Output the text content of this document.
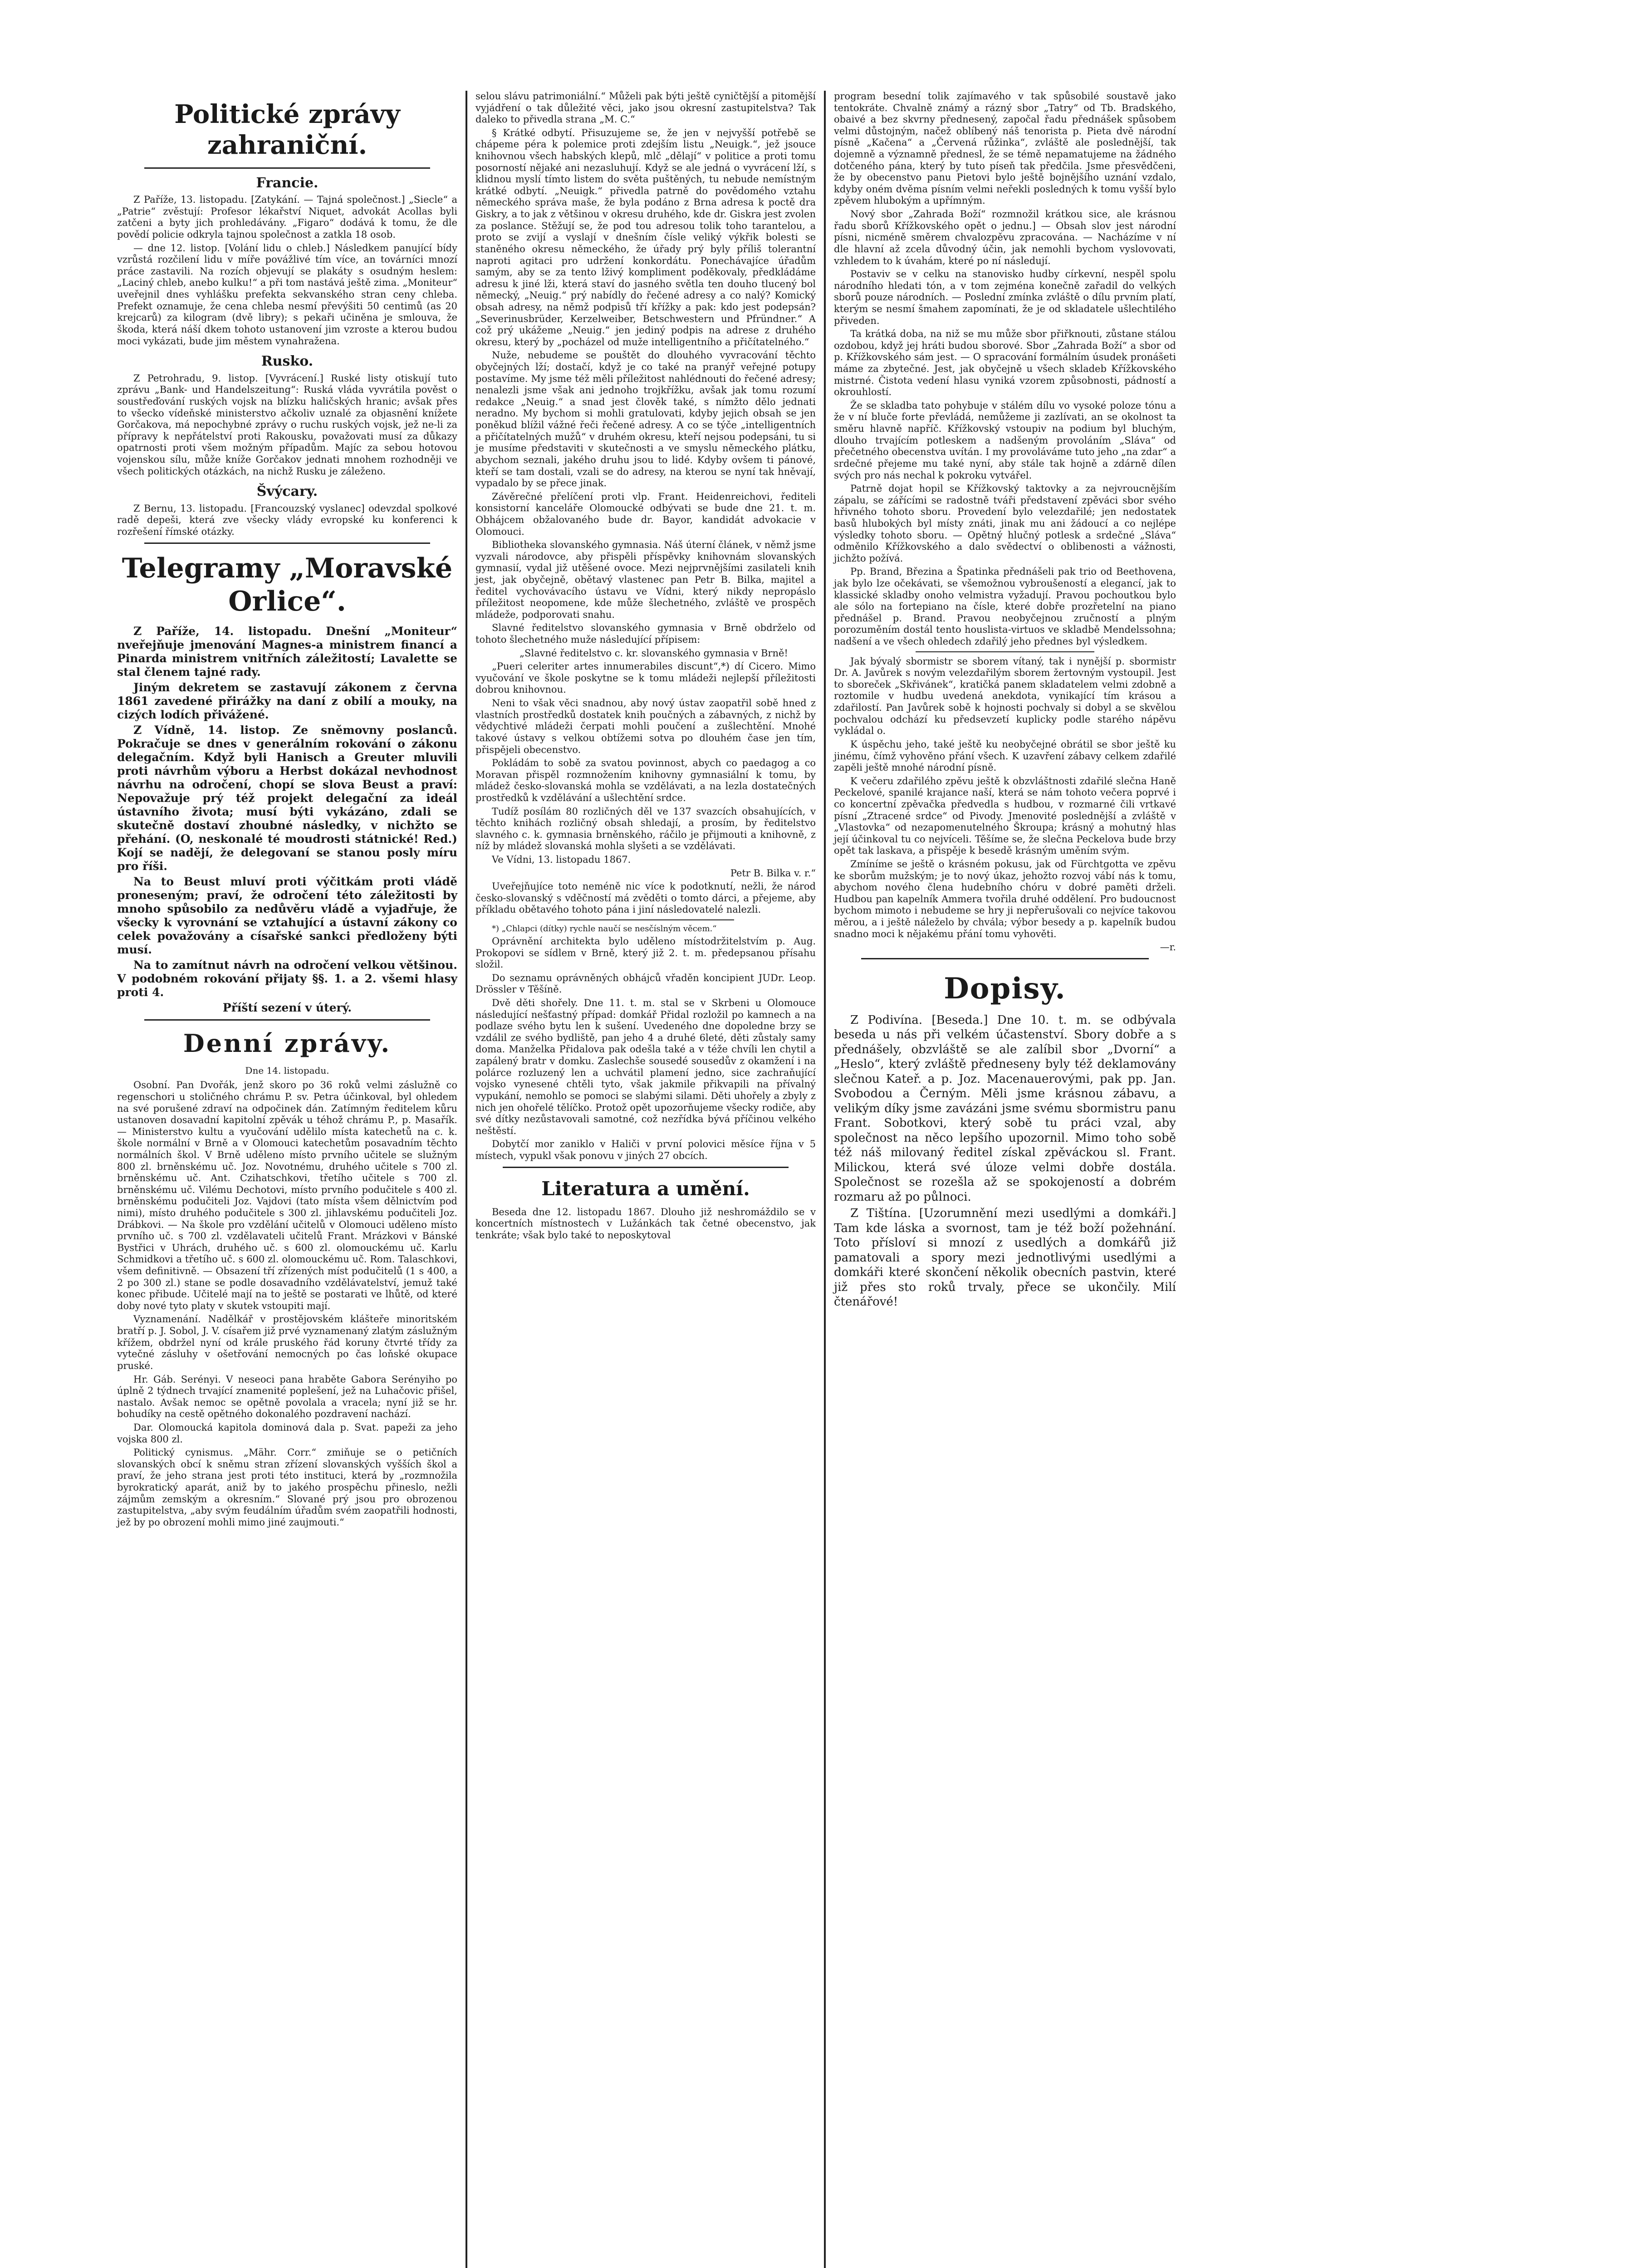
Politické zprávy zahraniční.
Francie.

Z Paříže, 13. listopadu. [Zatykání. — Tajná společnost.] „Siecle“ a „Patrie“ zvěstují: Profesor lékařství Niquet, advokát Acollas byli zatčeni a byty jich prohledávány. „Figaro“ dodává k tomu, že dle povědí policie odkryla tajnou společnost a zatkla 18 osob.

— dne 12. listop. [Volání lidu o chleb.] Následkem panující bídy vzrůstá rozčilení lidu v míře povážlivé tím více, an továrníci mnozí práce zastavili. Na rozích objevují se plakáty s osudným heslem: „Laciný chleb, anebo kulku!“ a při tom nastává ještě zima. „Moniteur“ uveřejnil dnes vyhlášku prefekta sekvanského stran ceny chleba. Prefekt oznamuje, že cena chleba nesmí převýšiti 50 centimů (as 20 krejcarů) za kilogram (dvě libry); s pekaři učiněna je smlouva, že škoda, která náší dkem tohoto ustanovení jim vzroste a kterou budou moci vykázati, bude jim městem vynahražena.

Rusko.

Z Petrohradu, 9. listop. [Vyvrácení.] Ruské listy otiskují tuto zprávu „Bank- und Handelszeitung“: Ruská vláda vyvrátila pověst o soustřeďování ruských vojsk na blízku haličských hranic; avšak přes to všecko vídeňské ministerstvo ačkoliv uznalé za objasnění knížete Gorčakova, má nepochybné zprávy o ruchu ruských vojsk, jež ne-li za přípravy k nepřátelství proti Rakousku, považovati musí za důkazy opatrnosti proti všem možným případům. Majíc za sebou hotovou vojenskou sílu, může kníže Gorčakov jednati mnohem rozhodněji ve všech politických otázkách, na nichž Rusku je záleženo.

Švýcary.

Z Bernu, 13. listopadu. [Francouzský vyslanec] odevzdal spolkové radě depeši, která zve všecky vlády evropské ku konferenci k rozřešení římské otázky.

Telegramy „Moravské Orlice“.

Z Paříže, 14. listopadu. Dnešní „Moniteur“ nveřejňuje jmenování Magnes-a ministrem financí a Pinarda ministrem vnitřních záležitostí; Lavalette se stal členem tajné rady.

Jiným dekretem se zastavují zákonem z června 1861 zavedené přirážky na daní z obilí a mouky, na cizých lodích přivážené.

Z Vídně, 14. listop. Ze sněmovny poslanců. Pokračuje se dnes v generálním rokování o zákonu delegačním. Když byli Hanisch a Greuter mluvili proti návrhům výboru a Herbst dokázal nevhodnost návrhu na odročení, chopí se slova Beust a praví: Nepovažuje prý též projekt delegační za ideál ústavního života; musí býti vykázáno, zdali se skutečně dostaví zhoubné následky, v nichžto se přehání. (O, neskonalé té moudrosti státnické! Red.) Kojí se nadějí, že delegovaní se stanou posly míru pro říši.

Na to Beust mluví proti výčitkám proti vládě proneseným; praví, že odročení této záležitosti by mnoho spůsobilo za nedůvěru vládě a vyjadřuje, že všecky k vyrovnání se vztahující a ústavní zákony co celek považovány a císařské sankci předloženy býti musí.

Na to zamítnut návrh na odročení velkou většinou. V podobném rokování přijaty §§. 1. a 2. všemi hlasy proti 4.

Příští sezení v úterý.

Denní zprávy.
Dne 14. listopadu.

Osobní. Pan Dvořák, jenž skoro po 36 roků velmi záslužně co regenschori u stoličného chrámu P. sv. Petra účinkoval, byl ohledem na své porušené zdraví na odpočinek dán. Zatímným ředitelem kůru ustanoven dosavadní kapitolní zpěvák u téhož chrámu P., p. Masařík. — Ministerstvo kultu a vyučování udělilo místa katechetů na c. k. škole normální v Brně a v Olomouci katechetům posavadním těchto normálních škol. V Brně uděleno místo prvního učitele se služným 800 zl. brněnskému uč. Joz. Novotnému, druhého učitele s 700 zl. brněnskému uč. Ant. Czihatschkovi, třetího učitele s 700 zl. brněnskému uč. Vilému Dechotovi, místo prvního podučitele s 400 zl. brněnskému podučiteli Joz. Vajdovi (tato místa všem dělnictvím pod nimi), místo druhého podučitele s 300 zl. jihlavskému podučiteli Joz. Drábkovi. — Na škole pro vzdělání učitelů v Olomouci uděleno místo prvního uč. s 700 zl. vzdělavateli učitelů Frant. Mrázkovi v Bánské Bystřici v Uhrách, druhého uč. s 600 zl. olomouckému uč. Karlu Schmidkovi a třetího uč. s 600 zl. olomouckému uč. Rom. Talaschkovi, všem definitivně. — Obsazení tří zřízených míst podučitelů (1 s 400, a 2 po 300 zl.) stane se podle dosavadního vzdělávatelství, jemuž také konec přibude. Učitelé mají na to ještě se postarati ve lhůtě, od které doby nové tyto platy v skutek vstoupiti mají.

Vyznamenání. Nadělkář v prostějovském klášteře minoritském bratří p. J. Sobol, J. V. císařem již prvé vyznamenaný zlatým záslužným křížem, obdržel nyní od krále pruského řád koruny čtvrté třídy za vytečné zásluhy v ošetřování nemocných po čas loňské okupace pruské.

Hr. Gáb. Serényi. V neseoci pana hraběte Gabora Serényiho po úplně 2 týdnech trvající znamenité poplešení, jež na Luhačovic přišel, nastalo. Avšak nemoc se opětně povolala a vracela; nyní již se hr. bohudíky na cestě opětného dokonalého pozdravení nachází.

Dar. Olomoucká kapitola dominová dala p. Svat. papeži za jeho vojska 800 zl.

Politický cynismus. „Mähr. Corr.“ zmiňuje se o petičních slovanských obcí k sněmu stran zřízení slovanských vyšších škol a praví, že jeho strana jest proti této instituci, která by „rozmnožila byrokratický aparát, aniž by to jakého prospěchu přineslo, nežli zájmům zemským a okresním.“ Slované prý jsou pro obrozenou zastupitelstva, „aby svým feudálním úřadům svém zaopatřili hodnosti, jež by po obrození mohli mimo jiné zaujmouti.“

selou slávu patrimoniální.“ Můželi pak býti ještě cyničtější a pitomější vyjádření o tak důležité věci, jako jsou okresní zastupitelstva? Tak daleko to přivedla strana „M. C.“

§ Krátké odbytí. Přisuzujeme se, že jen v nejvyšší potřebě se chápeme péra k polemice proti zdejším listu „Neuigk.“, jež jsouce knihovnou všech habských klepů, mlč „dělají“ v politice a proti tomu posorností nějaké ani nezasluhují. Když se ale jedná o vyvrácení lží, s klidnou myslí tímto listem do světa puštěných, tu nebude nemístným krátké odbytí. „Neuigk.“ přivedla patrně do povědomého vztahu německého správa maše, že byla podáno z Brna adresa k poctě dra Giskry, a to jak z většinou v okresu druhého, kde dr. Giskra jest zvolen za poslance. Stěžují se, že pod tou adresou tolik toho tarantelou, a proto se zvijí a vyslají v dnešním čísle veliký výkřik bolesti se staněného okresu německého, že úřady prý byly příliš tolerantní naproti agitaci pro udržení konkordátu. Ponechávajíce úřadům samým, aby se za tento lživý kompliment poděkovaly, předkládáme adresu k jiné lži, která staví do jasného světla ten douho tlucený bol německý, „Neuig.“ prý nabídly do řečené adresy a co nalý? Komický obsah adresy, na němž podpisů tří křížky a pak: kdo jest podepsán? „Severinusbrüder, Kerzelweiber, Betschwestern und Pfründner.“ A což prý ukážeme „Neuig.“ jen jediný podpis na adrese z druhého okresu, který by „pocházel od muže intelligentního a přičítatelného.“

Nuže, nebudeme se pouštět do dlouhého vyvracování těchto obyčejných lží; dostačí, když je co také na pranýř veřejné potupy postavíme. My jsme též měli příležitost nahlédnouti do řečené adresy; nenalezli jsme však ani jednoho trojkřížku, avšak jak tomu rozumí redakce „Neuig.“ a snad jest člověk také, s nímžto dělo jednati neradno. My bychom si mohli gratulovati, kdyby jejich obsah se jen poněkud blížil vážné řeči řečené adresy. A co se týče „intelligentních a přičítatelných mužů“ v druhém okresu, kteří nejsou podepsáni, tu si je musíme představiti v skutečnosti a ve smyslu německého plátku, abychom seznali, jakého druhu jsou to lidé. Kdyby ovšem ti pánové, kteří se tam dostali, vzali se do adresy, na kterou se nyní tak hněvají, vypadalo by se přece jinak.

Závěrečné přelíčení proti vlp. Frant. Heidenreichovi, řediteli konsistorní kanceláře Olomoucké odbývati se bude dne 21. t. m. Obhájcem obžalovaného bude dr. Bayor, kandidát advokacie v Olomouci.

Bibliotheka slovanského gymnasia. Náš úterní článek, v němž jsme vyzvali národovce, aby přispěli příspěvky knihovnám slovanských gymnasií, vydal již utěšené ovoce. Mezi nejprvnějšími zasilateli knih jest, jak obyčejně, obětavý vlastenec pan Petr B. Bilka, majitel a ředitel vychovávacího ústavu ve Vídni, který nikdy nepropáslo příležitost neopomene, kde může šlechetného, zvláště ve prospěch mládeže, podporovati snahu.

Slavné ředitelstvo slovanského gymnasia v Brně obdrželo od tohoto šlechetného muže následující přípisem:

„Slavné ředitelstvo c. kr. slovanského gymnasia v Brně!

„Pueri celeriter artes innumerabiles discunt“,*) dí Cicero. Mimo vyučování ve škole poskytne se k tomu mládeži nejlepší příležitosti dobrou knihovnou.

Neni to však věci snadnou, aby nový ústav zaopatřil sobě hned z vlastních prostředků dostatek knih poučných a zábavných, z nichž by vědychtivé mládeži čerpati mohli poučení a zušlechtění. Mnohé takové ústavy s velkou obtížemi sotva po dlouhém čase jen tím, přispějeli obecenstvo.

Pokládám to sobě za svatou povinnost, abych co paedagog a co Moravan přispěl rozmnožením knihovny gymnasiální k tomu, by mládež česko-slovanská mohla se vzdělávati, a na lezla dostatečných prostředků k vzdělávání a ušlechtění srdce.

Tudíž posílám 80 rozličných děl ve 137 svazcích obsahujících, v těchto knihách rozličný obsah shledají, a prosím, by ředitelstvo slavného c. k. gymnasia brněnského, ráčilo je přijmouti a knihovně, z níž by mládež slovanská mohla slyšeti a se vzdělávati.

Ve Vídni, 13. listopadu 1867.

Petr B. Bilka v. r.“

Uveřejňujíce toto neméně nic více k podotknutí, nežli, že národ česko-slovanský s vděčností má zvěděti o tomto dárci, a přejeme, aby příkladu obětavého tohoto pána i jiní následovatelé nalezli.

*) „Chlapci (dítky) rychle naučí se nesčíslným věcem.“

Oprávnění architekta bylo uděleno místodržitelstvím p. Aug. Prokopovi se sídlem v Brně, který již 2. t. m. předepsanou přísahu složil.

Do seznamu oprávněných obhájců vřaděn koncipient JUDr. Leop. Drössler v Těšíně.

Dvě děti shořely. Dne 11. t. m. stal se v Skrbeni u Olomouce následující nešťastný případ: domkář Přidal rozložil po kamnech a na podlaze svého bytu len k sušení. Uvedeného dne dopoledne brzy se vzdálil ze svého bydliště, pan jeho 4 a druhé 6leté, děti zůstaly samy doma. Manželka Přidalova pak odešla také a v téže chvíli len chytil a zapálený bratr v domku. Zaslechše sousedé sousedův z okamžení i na polárce rozluzený len a uchvátil plamení jedno, sice zachraňující vojsko vynesené chtěli tyto, však jakmile přikvapili na přívalný vypukání, nemohlo se pomoci se slabými silami. Děti uhořely a zbyly z nich jen ohořelé tělíčko. Protož opět upozorňujeme všecky rodiče, aby své dítky nezůstavovali samotné, což nezřídka bývá příčinou velkého neštěstí.

Dobytčí mor zaniklo v Haliči v první polovici měsíce října v 5 místech, vypukl však ponovu v jiných 27 obcích.

Literatura a umění.

Beseda dne 12. listopadu 1867. Dlouho již neshromáždilo se v koncertních místnostech v Lužánkách tak četné obecenstvo, jak tenkráte; však bylo také to neposkytoval

program besední tolik zajímavého v tak spůsobilé soustavě jako tentokráte. Chvalně známý a rázný sbor „Tatry“ od Tb. Bradského, obaivé a bez skvrny přednesený, započal řadu přednášek spůsobem velmi důstojným, načež oblíbený náš tenorista p. Pieta dvě národní písně „Kačena“ a „Červená růžinka“, zvláště ale poslednější, tak dojemně a významně přednesl, že se témě nepamatujeme na žádného dotčeného pána, který by tuto píseň tak předčila. Jsme přesvědčeni, že by obecenstvo panu Pietovi bylo ještě bojnějšího uznání vzdalo, kdyby oném dvěma písním velmi neřekli posledných k tomu vyšší bylo zpěvem hlubokým a upřímným.

Nový sbor „Zahrada Boží“ rozmnožil krátkou sice, ale krásnou řadu sborů Křížkovského opět o jednu.] — Obsah slov jest národní písni, nicméně směrem chvalozpěvu zpracována. — Nacházíme v ní dle hlavní až zcela důvodný účin, jak nemohli bychom vyslovovati, vzhledem to k úvahám, které po ní následují.

Postaviv se v celku na stanovisko hudby církevní, nespěl spolu národního hledati tón, a v tom zejména konečně zařadil do velkých sborů pouze národních. — Poslední zmínka zvláště o dílu prvním platí, kterým se nesmí šmahem zapomínati, že je od skladatele ušlechtilého přiveden.

Ta krátká doba, na niž se mu může sbor přiřknouti, zůstane stálou ozdobou, když jej hráti budou sborové. Sbor „Zahrada Boží“ a sbor od p. Křížkovského sám jest. — O spracování formálním úsudek pronášeti máme za zbytečné. Jest, jak obyčejně u všech skladeb Křížkovského mistrné. Čistota vedení hlasu vyniká vzorem způsobnosti, pádností a okrouhlostí.

Že se skladba tato pohybuje v stálém dílu vo vysoké poloze tónu a že v ní bluče forte převládá, nemůžeme ji zazlívati, an se okolnost ta směru hlavně napříč. Křížkovský vstoupiv na podium byl bluchým, dlouho trvajícím potleskem a nadšeným provoláním „Sláva“ od přečetného obecenstva uvítán. I my provoláváme tuto jeho „na zdar“ a srdečné přejeme mu také nyní, aby stále tak hojně a zdárně dílen svých pro nás nechal k pokroku vytvářel.

Patrně dojat hopil se Křížkovský taktovky a za nejvroucnějším zápalu, se zářícími se radostně tváři představení zpěváci sbor svého hřivného tohoto sboru. Provedení bylo velezdařilé; jen nedostatek basů hlubokých byl místy znáti, jinak mu ani žádoucí a co nejlépe výsledky tohoto sboru. — Opětný hlučný potlesk a srdečné „Sláva“ odměnilo Křížkovského a dalo svědectví o oblibenosti a vážnosti, jichžto požívá.

Pp. Brand, Březina a Špatinka přednášeli pak trio od Beethovena, jak bylo lze očekávati, se všemožnou vybroušeností a elegancí, jak to klassické skladby onoho velmistra vyžadují. Pravou pochoutkou bylo ale sólo na fortepiano na čísle, které dobře prozřetelní na piano přednášel p. Brand. Pravou neobyčejnou zručností a plným porozuměním dostál tento houslista-virtuos ve skladbě Mendelssohna; nadšení a ve všech ohledech zdařilý jeho přednes byl výsledkem.

Jak bývalý sbormistr se sborem vítaný, tak i nynější p. sbormistr Dr. A. Javůrek s novým velezdařilým sborem žertovným vystoupil. Jest to sboreček „Skřivánek“, kratičká panem skladatelem velmi zdobně a roztomile v hudbu uvedená anekdota, vynikající tím krásou a zdařilostí. Pan Javůrek sobě k hojnosti pochvaly si dobyl a se skvělou pochvalou odchází ku předsevzetí kuplicky podle starého nápěvu vykládal o.

K úspěchu jeho, také ještě ku neobyčejné obrátil se sbor ještě ku jinému, čímž vyhověno přání všech. K uzavření zábavy celkem zdařilé zapěli ještě mnohé národní písně.

K večeru zdařilého zpěvu ještě k obzvláštnosti zdařilé slečna Haně Peckelové, spanilé krajance naší, která se nám tohoto večera poprvé i co koncertní zpěvačka předvedla s hudbou, v rozmarné čili vrtkavé písní „Ztracené srdce“ od Pivody. Jmenovité poslednější a zvláště v „Vlastovka“ od nezapomenutelného Škroupa; krásný a mohutný hlas její účinkoval tu co nejvíceli. Těšíme se, že slečna Peckelova bude brzy opět tak laskava, a přispěje k besedě krásným uměním svým.

Zmíníme se ještě o krásném pokusu, jak od Fürchtgotta ve zpěvu ke sborům mužským; je to nový úkaz, jehožto rozvoj vábí nás k tomu, abychom nového člena hudebního chóru v dobré paměti drželi. Hudbou pan kapelník Ammera tvořila druhé oddělení. Pro budoucnost bychom mimoto i nebudeme se hry ji nepřerušovali co nejvíce takovou měrou, a i ještě náleželo by chvála; výbor besedy a p. kapelník budou snadno moci k nějakému přání tomu vyhověti.

—r.

Dopisy.

Z Podivína. [Beseda.] Dne 10. t. m. se odbývala beseda u nás při velkém účastenství. Sbory dobře a s přednášely, obzvláště se ale zalíbil sbor „Dvorní“ a „Heslo“, který zvláště předneseny byly též deklamovány slečnou Kateř. a p. Joz. Macenauerovými, pak pp. Jan. Svobodou a Černým. Měli jsme krásnou zábavu, a velikým díky jsme zavázáni jsme svému sbormistru panu Frant. Sobotkovi, který sobě tu práci vzal, aby společnost na něco lepšího upozornil. Mimo toho sobě též náš milovaný ředitel získal zpěváckou sl. Frant. Milickou, která své úloze velmi dobře dostála. Společnost se rozešla až se spokojeností a dobrém rozmaru až po půlnoci.

Z Tištína. [Uzorumnění mezi usedlými a domkáři.] Tam kde láska a svornost, tam je též boží požehnání. Toto přísloví si mnozí z usedlých a domkářů již pamatovali a spory mezi jednotlivými usedlými a domkáři které skončení několik obecních pastvin, které již přes sto roků trvaly, přece se ukončily. Milí čtenářové!
